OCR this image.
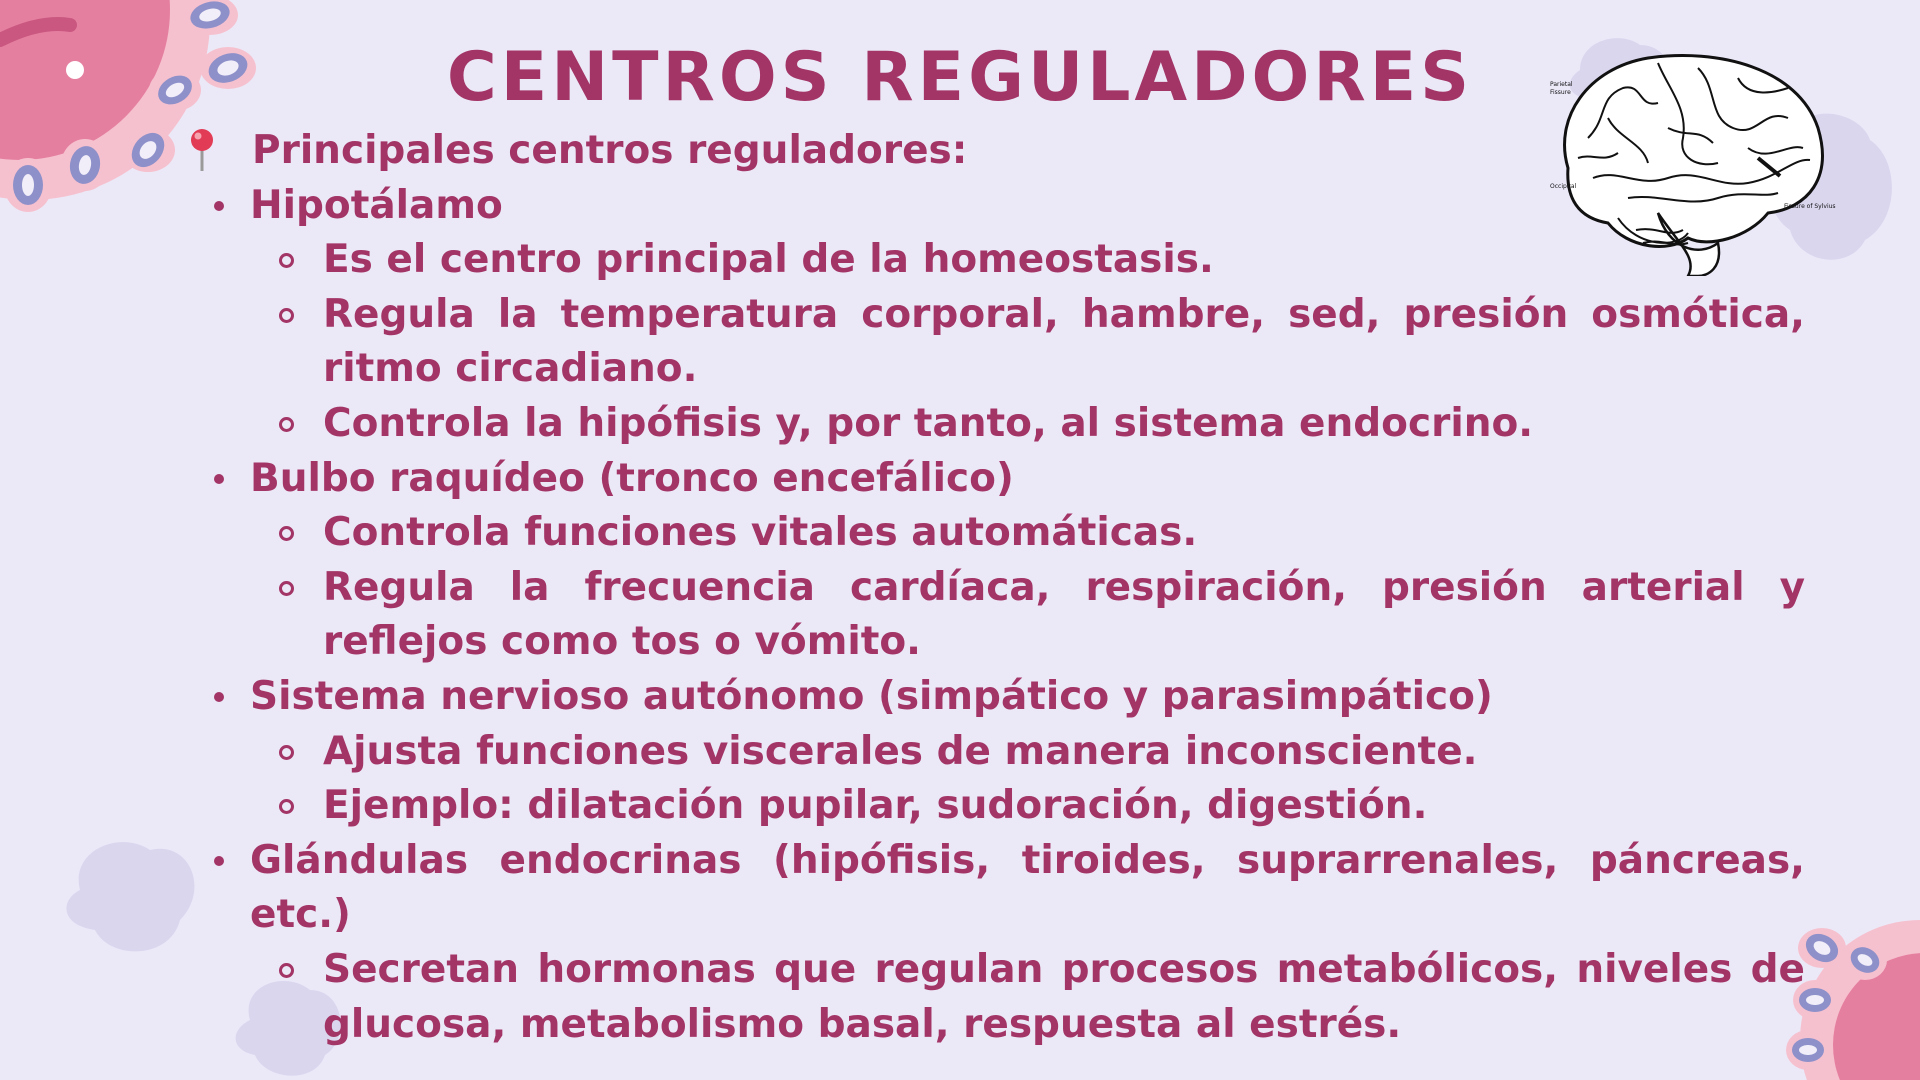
Parietal
Fissure
Fissure of Sylvius
Occipital
CENTROS REGULADORES
Principales centros reguladores:
Hipotálamo
Es el centro principal de la homeostasis.
Regula la temperatura corporal, hambre, sed, presión osmótica, ritmo circadiano.
Controla la hipófisis y, por tanto, al sistema endocrino.
Bulbo raquídeo (tronco encefálico)
Controla funciones vitales automáticas.
Regula la frecuencia cardíaca, respiración, presión arterial y reflejos como tos o vómito.
Sistema nervioso autónomo (simpático y parasimpático)
Ajusta funciones viscerales de manera inconsciente.
Ejemplo: dilatación pupilar, sudoración, digestión.
Glándulas endocrinas (hipófisis, tiroides, suprarrenales, páncreas, etc.)
Secretan hormonas que regulan procesos metabólicos, niveles de glucosa, metabolismo basal, respuesta al estrés.
